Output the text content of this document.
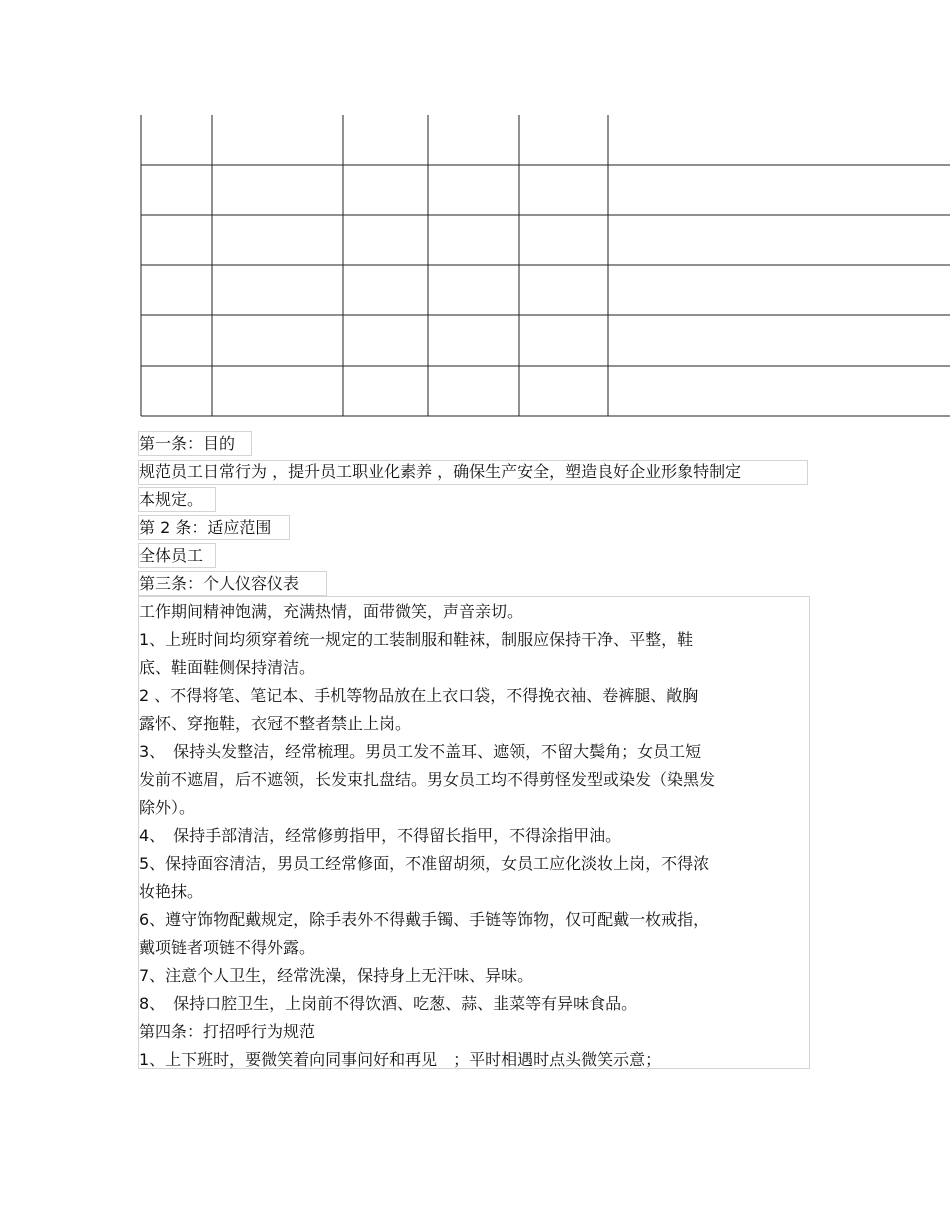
第一条：目的
规范员工日常行为 ，提升员工职业化素养 ，确保生产安全，塑造良好企业形象特制定
本规定。
第 2 条：适应范围
全体员工
第三条：个人仪容仪表
工作期间精神饱满，充满热情，面带微笑，声音亲切。
1、上班时间均须穿着统一规定的工装制服和鞋袜，制服应保持干净、平整，鞋
底、鞋面鞋侧保持清洁。
2 、不得将笔、笔记本、手机等物品放在上衣口袋，不得挽衣袖、卷裤腿、敞胸
露怀、穿拖鞋，衣冠不整者禁止上岗。
3、　保持头发整洁，经常梳理。男员工发不盖耳、遮领，不留大鬓角；女员工短
发前不遮眉，后不遮领，长发束扎盘结。男女员工均不得剪怪发型或染发（染黑发
除外）。
4、　保持手部清洁，经常修剪指甲，不得留长指甲，不得涂指甲油。
5、保持面容清洁，男员工经常修面，不准留胡须，女员工应化淡妆上岗，不得浓
妆艳抹。
6、遵守饰物配戴规定，除手表外不得戴手镯、手链等饰物，仅可配戴一枚戒指，
戴项链者项链不得外露。
7、注意个人卫生，经常洗澡，保持身上无汗味、异味。
8、　保持口腔卫生，上岗前不得饮酒、吃葱、蒜、韭菜等有异味食品。
第四条：打招呼行为规范
1、上下班时，要微笑着向同事问好和再见　；平时相遇时点头微笑示意；
